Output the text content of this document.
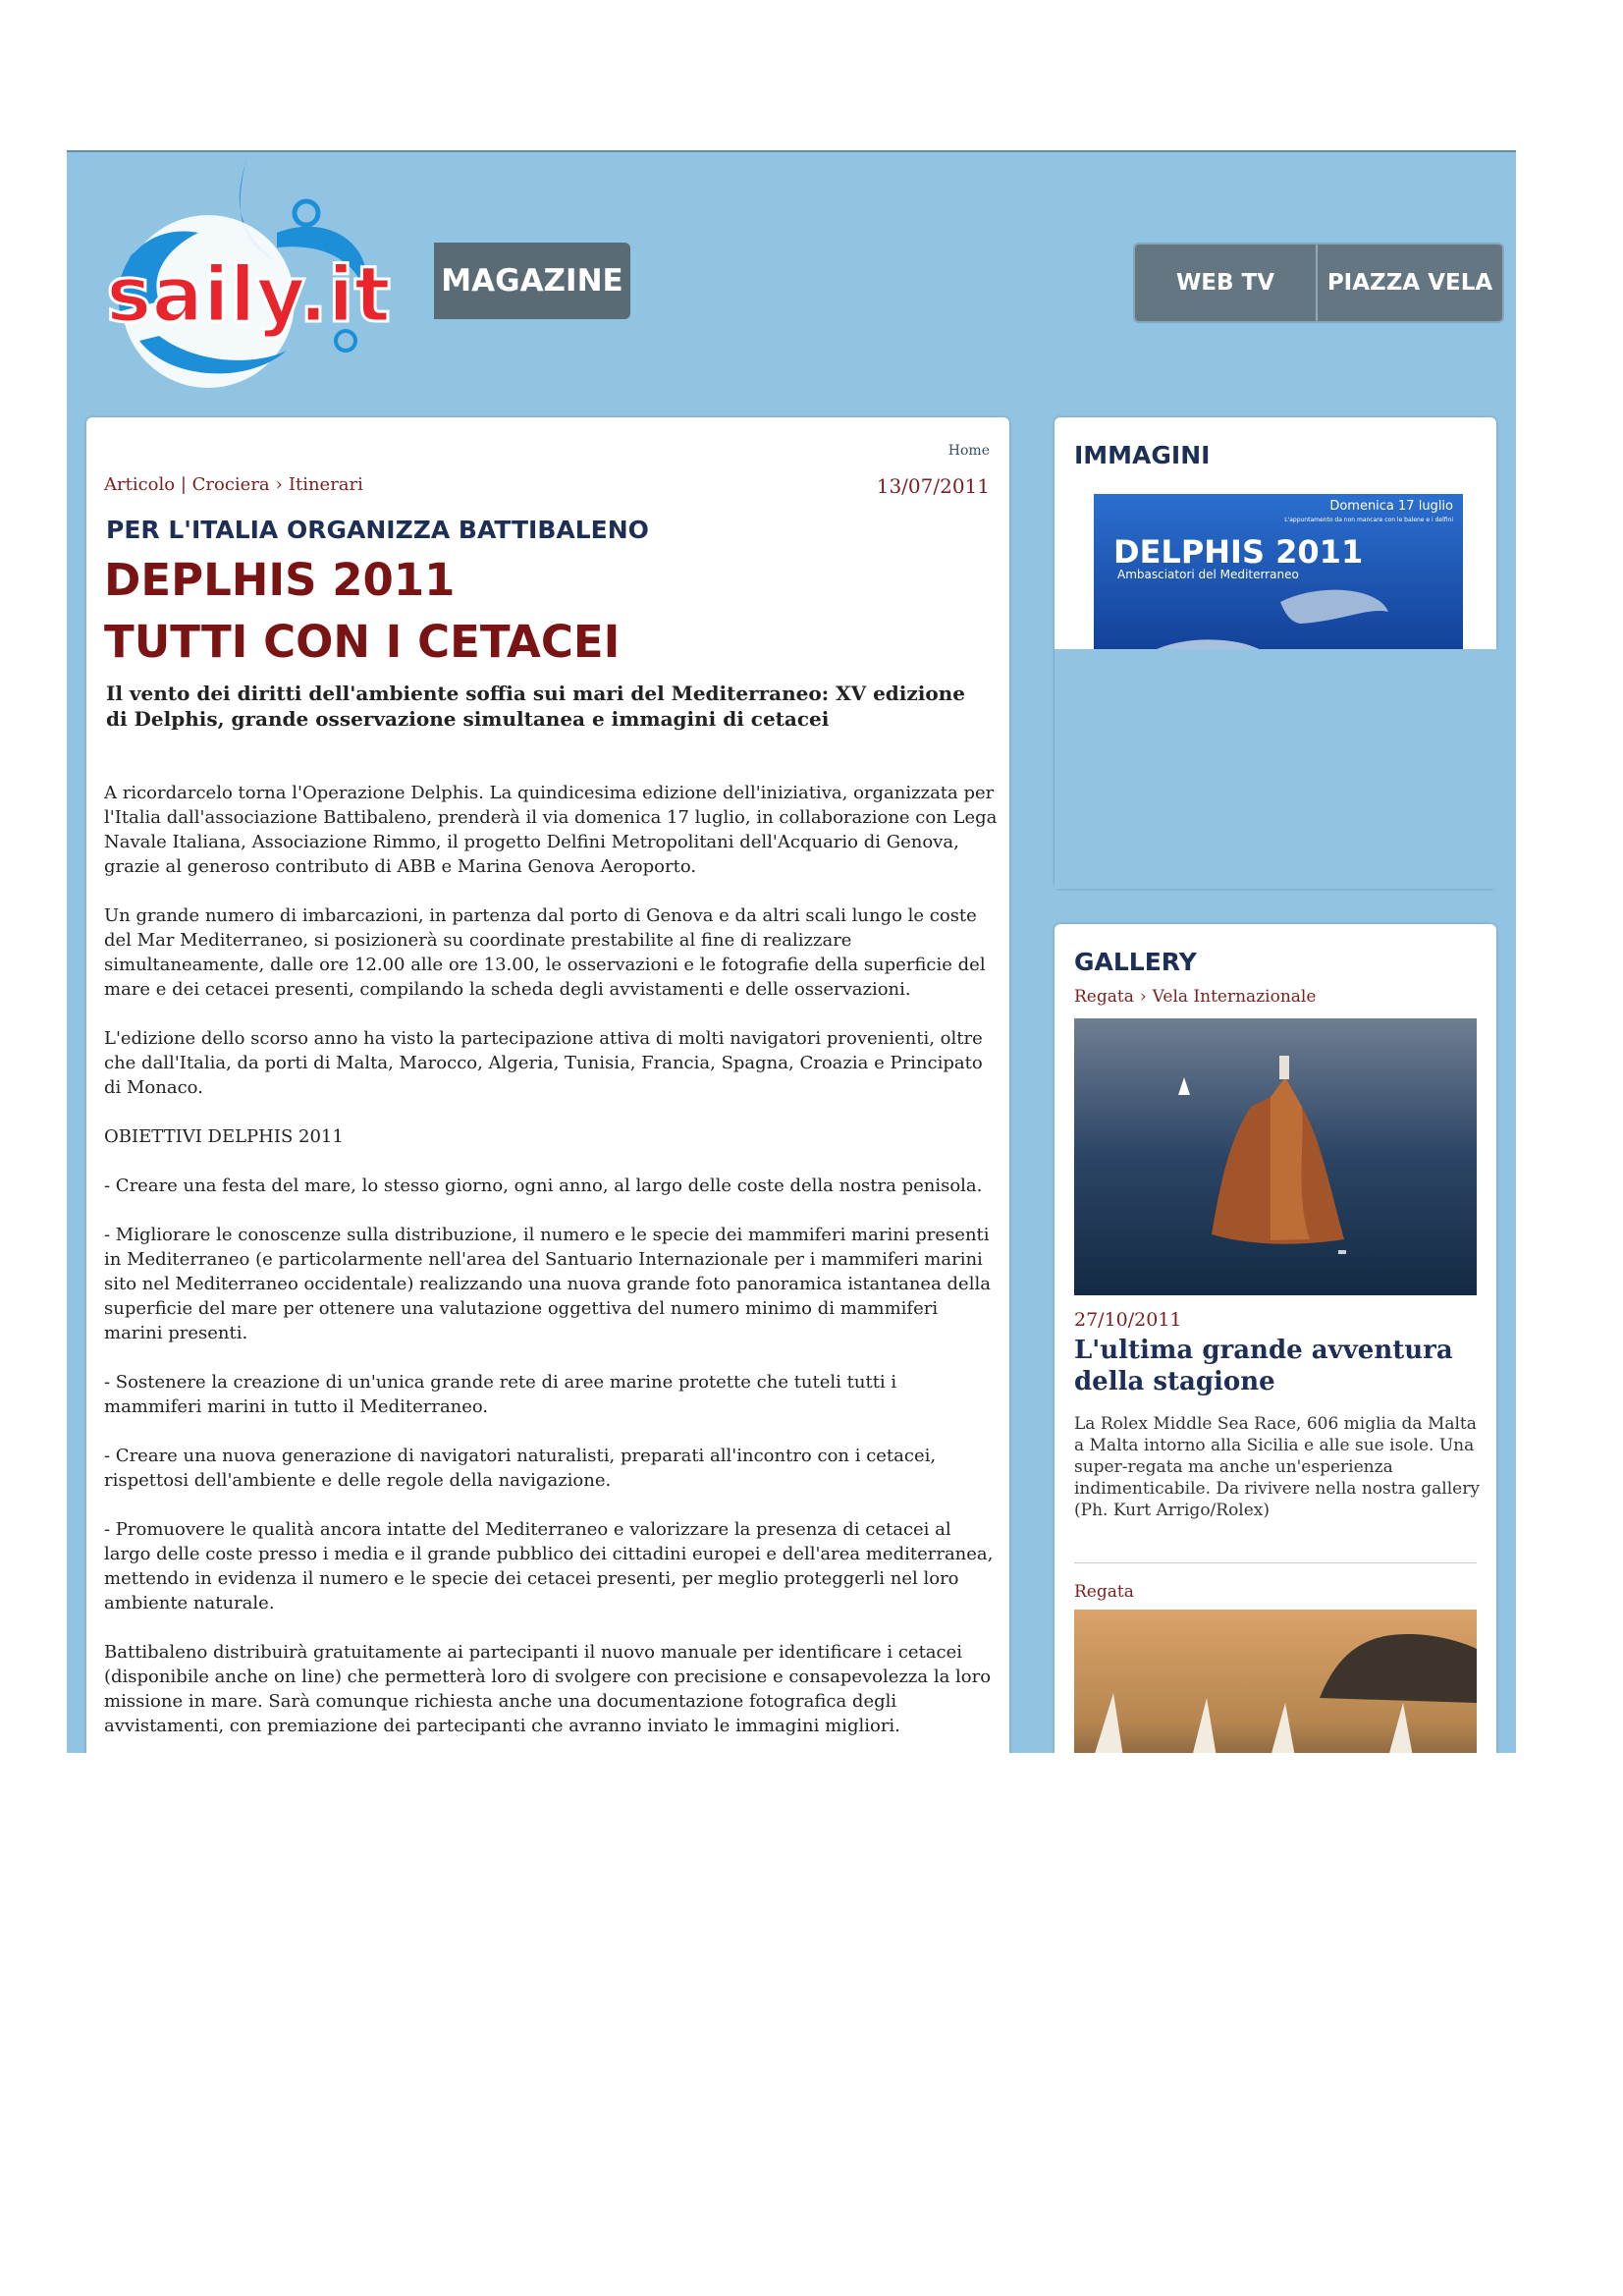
saily.it MAGAZINE	WEB TV	PIAZZA VELA
Home
Articolo | Crociera › Itinerari	13/07/2011
PER L'ITALIA ORGANIZZA BATTIBALENO
DEPLHIS 2011
TUTTI CON I CETACEI
Il vento dei diritti dell'ambiente soffia sui mari del Mediterraneo: XV edizione di Delphis, grande osservazione simultanea e immagini di cetacei

A ricordarcelo torna l'Operazione Delphis. La quindicesima edizione dell'iniziativa, organizzata per l'Italia dall'associazione Battibaleno, prenderà il via domenica 17 luglio, in collaborazione con Lega Navale Italiana, Associazione Rimmo, il progetto Delfini Metropolitani dell'Acquario di Genova, grazie al generoso contributo di ABB e Marina Genova Aeroporto.

Un grande numero di imbarcazioni, in partenza dal porto di Genova e da altri scali lungo le coste del Mar Mediterraneo, si posizionerà su coordinate prestabilite al fine di realizzare simultaneamente, dalle ore 12.00 alle ore 13.00, le osservazioni e le fotografie della superficie del mare e dei cetacei presenti, compilando la scheda degli avvistamenti e delle osservazioni.

L'edizione dello scorso anno ha visto la partecipazione attiva di molti navigatori provenienti, oltre che dall'Italia, da porti di Malta, Marocco, Algeria, Tunisia, Francia, Spagna, Croazia e Principato di Monaco.

OBIETTIVI DELPHIS 2011

- Creare una festa del mare, lo stesso giorno, ogni anno, al largo delle coste della nostra penisola.

- Migliorare le conoscenze sulla distribuzione, il numero e le specie dei mammiferi marini presenti in Mediterraneo (e particolarmente nell'area del Santuario Internazionale per i mammiferi marini sito nel Mediterraneo occidentale) realizzando una nuova grande foto panoramica istantanea della superficie del mare per ottenere una valutazione oggettiva del numero minimo di mammiferi marini presenti.

- Sostenere la creazione di un'unica grande rete di aree marine protette che tuteli tutti i mammiferi marini in tutto il Mediterraneo.

- Creare una nuova generazione di navigatori naturalisti, preparati all'incontro con i cetacei, rispettosi dell'ambiente e delle regole della navigazione.

- Promuovere le qualità ancora intatte del Mediterraneo e valorizzare la presenza di cetacei al largo delle coste presso i media e il grande pubblico dei cittadini europei e dell'area mediterranea, mettendo in evidenza il numero e le specie dei cetacei presenti, per meglio proteggerli nel loro ambiente naturale.

Battibaleno distribuirà gratuitamente ai partecipanti il nuovo manuale per identificare i cetacei (disponibile anche on line) che permetterà loro di svolgere con precisione e consapevolezza la loro missione in mare. Sarà comunque richiesta anche una documentazione fotografica degli avvistamenti, con premiazione dei partecipanti che avranno inviato le immagini migliori.

IMMAGINI
Domenica 17 luglio
L'appuntamento da non mancare con le balene e i delfini
DELPHIS 2011
Ambasciatori del Mediterraneo
GALLERY
Regata › Vela Internazionale
27/10/2011
L'ultima grande avventura della stagione
La Rolex Middle Sea Race, 606 miglia da Malta a Malta intorno alla Sicilia e alle sue isole. Una super-regata ma anche un'esperienza indimenticabile. Da rivivere nella nostra gallery (Ph. Kurt Arrigo/Rolex)
Regata
